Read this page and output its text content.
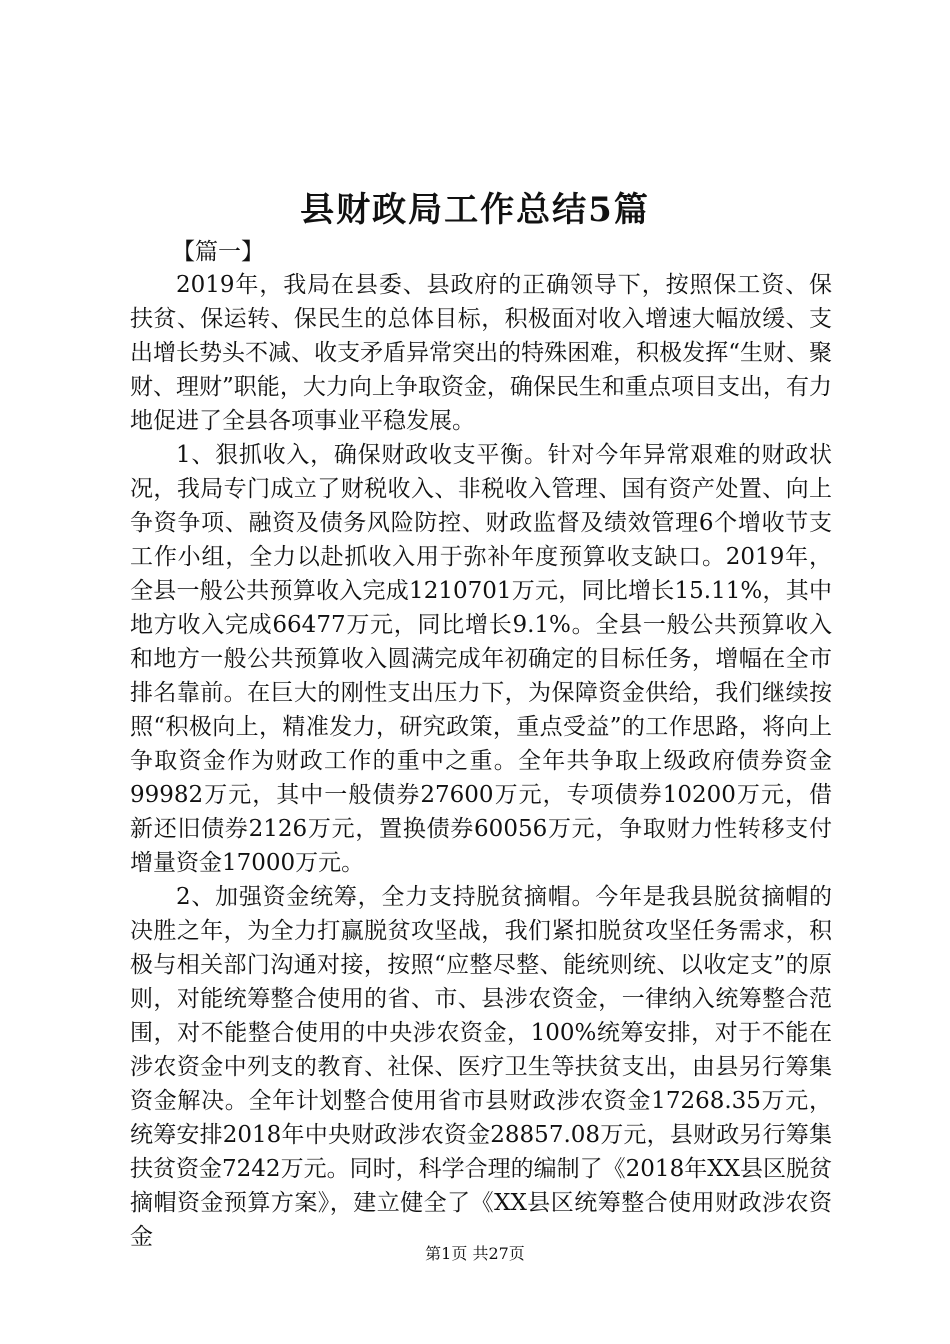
县财政局工作总结5篇
【篇一】

2019年，我局在县委、县政府的正确领导下，按照保工资、保扶贫、保运转、保民生的总体目标，积极面对收入增速大幅放缓、支出增长势头不减、收支矛盾异常突出的特殊困难，积极发挥“生财、聚财、理财”职能，大力向上争取资金，确保民生和重点项目支出，有力地促进了全县各项事业平稳发展。

1、狠抓收入，确保财政收支平衡。针对今年异常艰难的财政状况，我局专门成立了财税收入、非税收入管理、国有资产处置、向上争资争项、融资及债务风险防控、财政监督及绩效管理6个增收节支工作小组，全力以赴抓收入用于弥补年度预算收支缺口。2019年，全县一般公共预算收入完成1210701万元，同比增长15.11%，其中地方收入完成66477万元，同比增长9.1%。全县一般公共预算收入和地方一般公共预算收入圆满完成年初确定的目标任务，增幅在全市排名靠前。在巨大的刚性支出压力下，为保障资金供给，我们继续按照“积极向上，精准发力，研究政策，重点受益”的工作思路，将向上争取资金作为财政工作的重中之重。全年共争取上级政府债券资金99982万元，其中一般债券27600万元，专项债券10200万元，借新还旧债券2126万元，置换债券60056万元，争取财力性转移支付增量资金17000万元。

2、加强资金统筹，全力支持脱贫摘帽。今年是我县脱贫摘帽的决胜之年，为全力打赢脱贫攻坚战，我们紧扣脱贫攻坚任务需求，积极与相关部门沟通对接，按照“应整尽整、能统则统、以收定支”的原则，对能统筹整合使用的省、市、县涉农资金，一律纳入统筹整合范围，对不能整合使用的中央涉农资金，100%统筹安排，对于不能在涉农资金中列支的教育、社保、医疗卫生等扶贫支出，由县另行筹集资金解决。全年计划整合使用省市县财政涉农资金17268.35万元，统筹安排2018年中央财政涉农资金28857.08万元，县财政另行筹集扶贫资金7242万元。同时，科学合理的编制了《2018年XX县区脱贫摘帽资金预算方案》，建立健全了《XX县区统筹整合使用财政涉农资金

第1页 共27页
